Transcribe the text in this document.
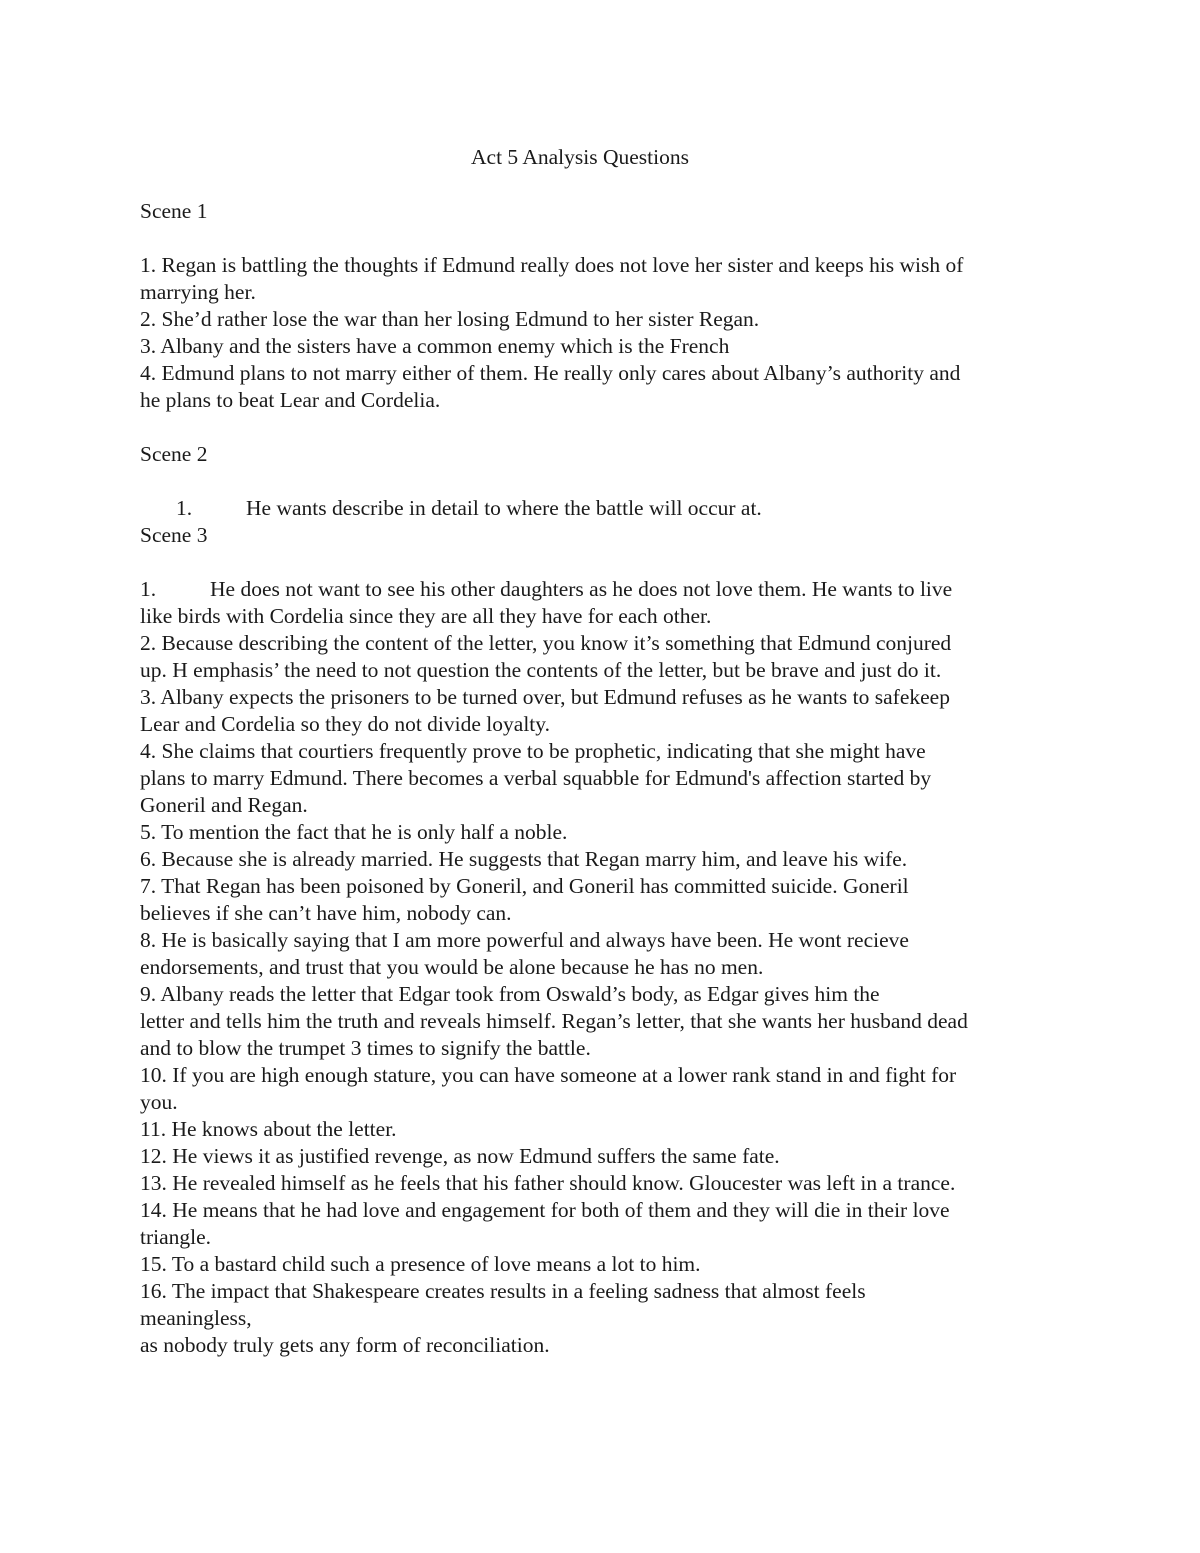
Act 5 Analysis Questions
Scene 1
1. Regan is battling the thoughts if Edmund really does not love her sister and keeps his wish of
marrying her.
2. She’d rather lose the war than her losing Edmund to her sister Regan.
3. Albany and the sisters have a common enemy which is the French
4. Edmund plans to not marry either of them. He really only cares about Albany’s authority and
he plans to beat Lear and Cordelia.
Scene 2
1.	He wants describe in detail to where the battle will occur at.
Scene 3
1.	He does not want to see his other daughters as he does not love them. He wants to live
like birds with Cordelia since they are all they have for each other.
2. Because describing the content of the letter, you know it’s something that Edmund conjured
up. H emphasis’ the need to not question the contents of the letter, but be brave and just do it.
3. Albany expects the prisoners to be turned over, but Edmund refuses as he wants to safekeep
Lear and Cordelia so they do not divide loyalty.
4. She claims that courtiers frequently prove to be prophetic, indicating that she might have
plans to marry Edmund. There becomes a verbal squabble for Edmund's affection started by
Goneril and Regan.
5. To mention the fact that he is only half a noble.
6. Because she is already married. He suggests that Regan marry him, and leave his wife.
7. That Regan has been poisoned by Goneril, and Goneril has committed suicide. Goneril
believes if she can’t have him, nobody can.
8. He is basically saying that I am more powerful and always have been. He wont recieve
endorsements, and trust that you would be alone because he has no men.
9. Albany reads the letter that Edgar took from Oswald’s body, as Edgar gives him the
letter and tells him the truth and reveals himself. Regan’s letter, that she wants her husband dead
and to blow the trumpet 3 times to signify the battle.
10. If you are high enough stature, you can have someone at a lower rank stand in and fight for
you.
11. He knows about the letter.
12. He views it as justified revenge, as now Edmund suffers the same fate.
13. He revealed himself as he feels that his father should know. Gloucester was left in a trance.
14. He means that he had love and engagement for both of them and they will die in their love
triangle.
15. To a bastard child such a presence of love means a lot to him.
16. The impact that Shakespeare creates results in a feeling sadness that almost feels
meaningless,
as nobody truly gets any form of reconciliation.
